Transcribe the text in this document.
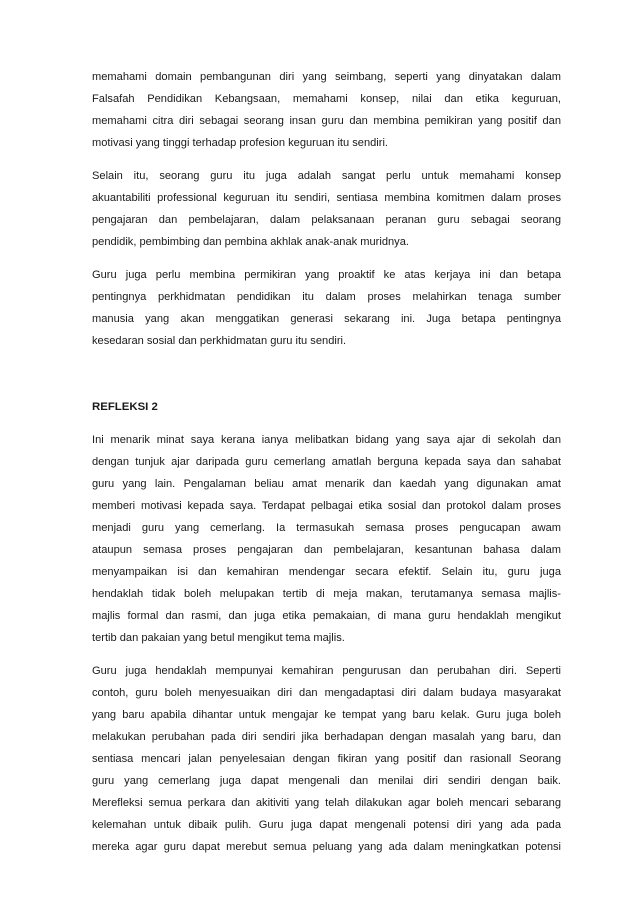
memahami domain pembangunan diri yang seimbang, seperti yang dinyatakan dalam
Falsafah Pendidikan Kebangsaan, memahami konsep, nilai dan etika keguruan,
memahami citra diri sebagai seorang insan guru dan membina pemikiran yang positif dan
motivasi yang tinggi terhadap profesion keguruan itu sendiri.

Selain itu, seorang guru itu juga adalah sangat perlu untuk memahami konsep
akuantabiliti professional keguruan itu sendiri, sentiasa membina komitmen dalam proses
pengajaran dan pembelajaran, dalam pelaksanaan peranan guru sebagai seorang
pendidik, pembimbing dan pembina akhlak anak-anak muridnya.

Guru juga perlu membina permikiran yang proaktif ke atas kerjaya ini dan betapa
pentingnya perkhidmatan pendidikan itu dalam proses melahirkan tenaga sumber
manusia yang akan menggatikan generasi sekarang ini. Juga betapa pentingnya
kesedaran sosial dan perkhidmatan guru itu sendiri.

REFLEKSI 2

Ini menarik minat saya kerana ianya melibatkan bidang yang saya ajar di sekolah dan
dengan tunjuk ajar daripada guru cemerlang amatlah berguna kepada saya dan sahabat
guru yang lain. Pengalaman beliau amat menarik dan kaedah yang digunakan amat
memberi motivasi kepada saya. Terdapat pelbagai etika sosial dan protokol dalam proses
menjadi guru yang cemerlang. Ia termasukah semasa proses pengucapan awam
ataupun semasa proses pengajaran dan pembelajaran, kesantunan bahasa dalam
menyampaikan isi dan kemahiran mendengar secara efektif. Selain itu, guru juga
hendaklah tidak boleh melupakan tertib di meja makan, terutamanya semasa majlis-
majlis formal dan rasmi, dan juga etika pemakaian, di mana guru hendaklah mengikut
tertib dan pakaian yang betul mengikut tema majlis.

Guru juga hendaklah mempunyai kemahiran pengurusan dan perubahan diri. Seperti
contoh, guru boleh menyesuaikan diri dan mengadaptasi diri dalam budaya masyarakat
yang baru apabila dihantar untuk mengajar ke tempat yang baru kelak. Guru juga boleh
melakukan perubahan pada diri sendiri jika berhadapan dengan masalah yang baru, dan
sentiasa mencari jalan penyelesaian dengan fikiran yang positif dan rasionall Seorang
guru yang cemerlang juga dapat mengenali dan menilai diri sendiri dengan baik.
Merefleksi semua perkara dan akitiviti yang telah dilakukan agar boleh mencari sebarang
kelemahan untuk dibaik pulih. Guru juga dapat mengenali potensi diri yang ada pada
mereka agar guru dapat merebut semua peluang yang ada dalam meningkatkan potensi
